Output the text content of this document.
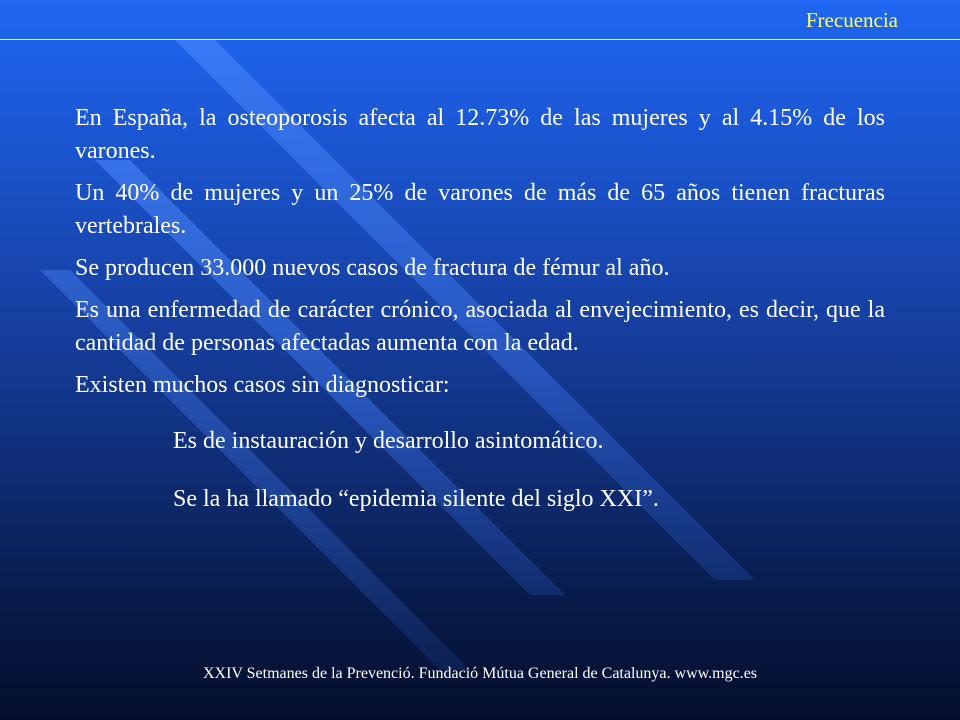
Frecuencia

En España, la osteoporosis afecta al 12.73% de las mujeres y al 4.15% de los varones.

Un 40% de mujeres y un 25% de varones de más de 65 años tienen fracturas vertebrales.

Se producen 33.000 nuevos casos de fractura de fémur al año.

Es una enfermedad de carácter crónico, asociada al envejecimiento, es decir, que la cantidad de personas afectadas aumenta con la edad.

Existen muchos casos sin diagnosticar:

Es de instauración y desarrollo asintomático.

Se la ha llamado “epidemia silente del siglo XXI”.

XXIV Setmanes de la Prevenció. Fundació Mútua General de Catalunya. www.mgc.es
